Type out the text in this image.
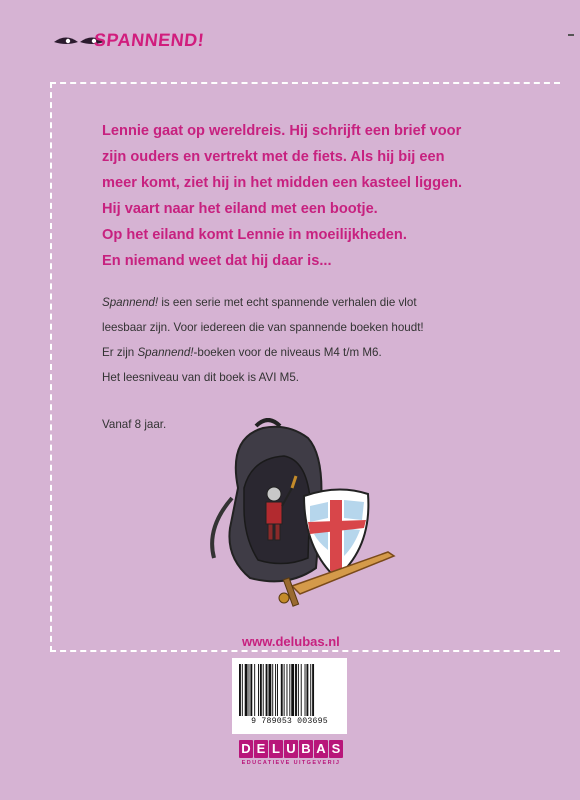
SPANNEND!

Lennie gaat op wereldreis. Hij schrijft een brief voor
zijn ouders en vertrekt met de fiets. Als hij bij een
meer komt, ziet hij in het midden een kasteel liggen.
Hij vaart naar het eiland met een bootje.
Op het eiland komt Lennie in moeilijkheden.
En niemand weet dat hij daar is...

Spannend! is een serie met echt spannende verhalen die vlot
leesbaar zijn. Voor iedereen die van spannende boeken houdt!
Er zijn Spannend!-boeken voor de niveaus M4 t/m M6.
Het leesniveau van dit boek is AVI M5.

Vanaf 8 jaar.

www.delubas.nl
9 789053 003695
D E L U B A S
EDUCATIEVE UITGEVERIJ
